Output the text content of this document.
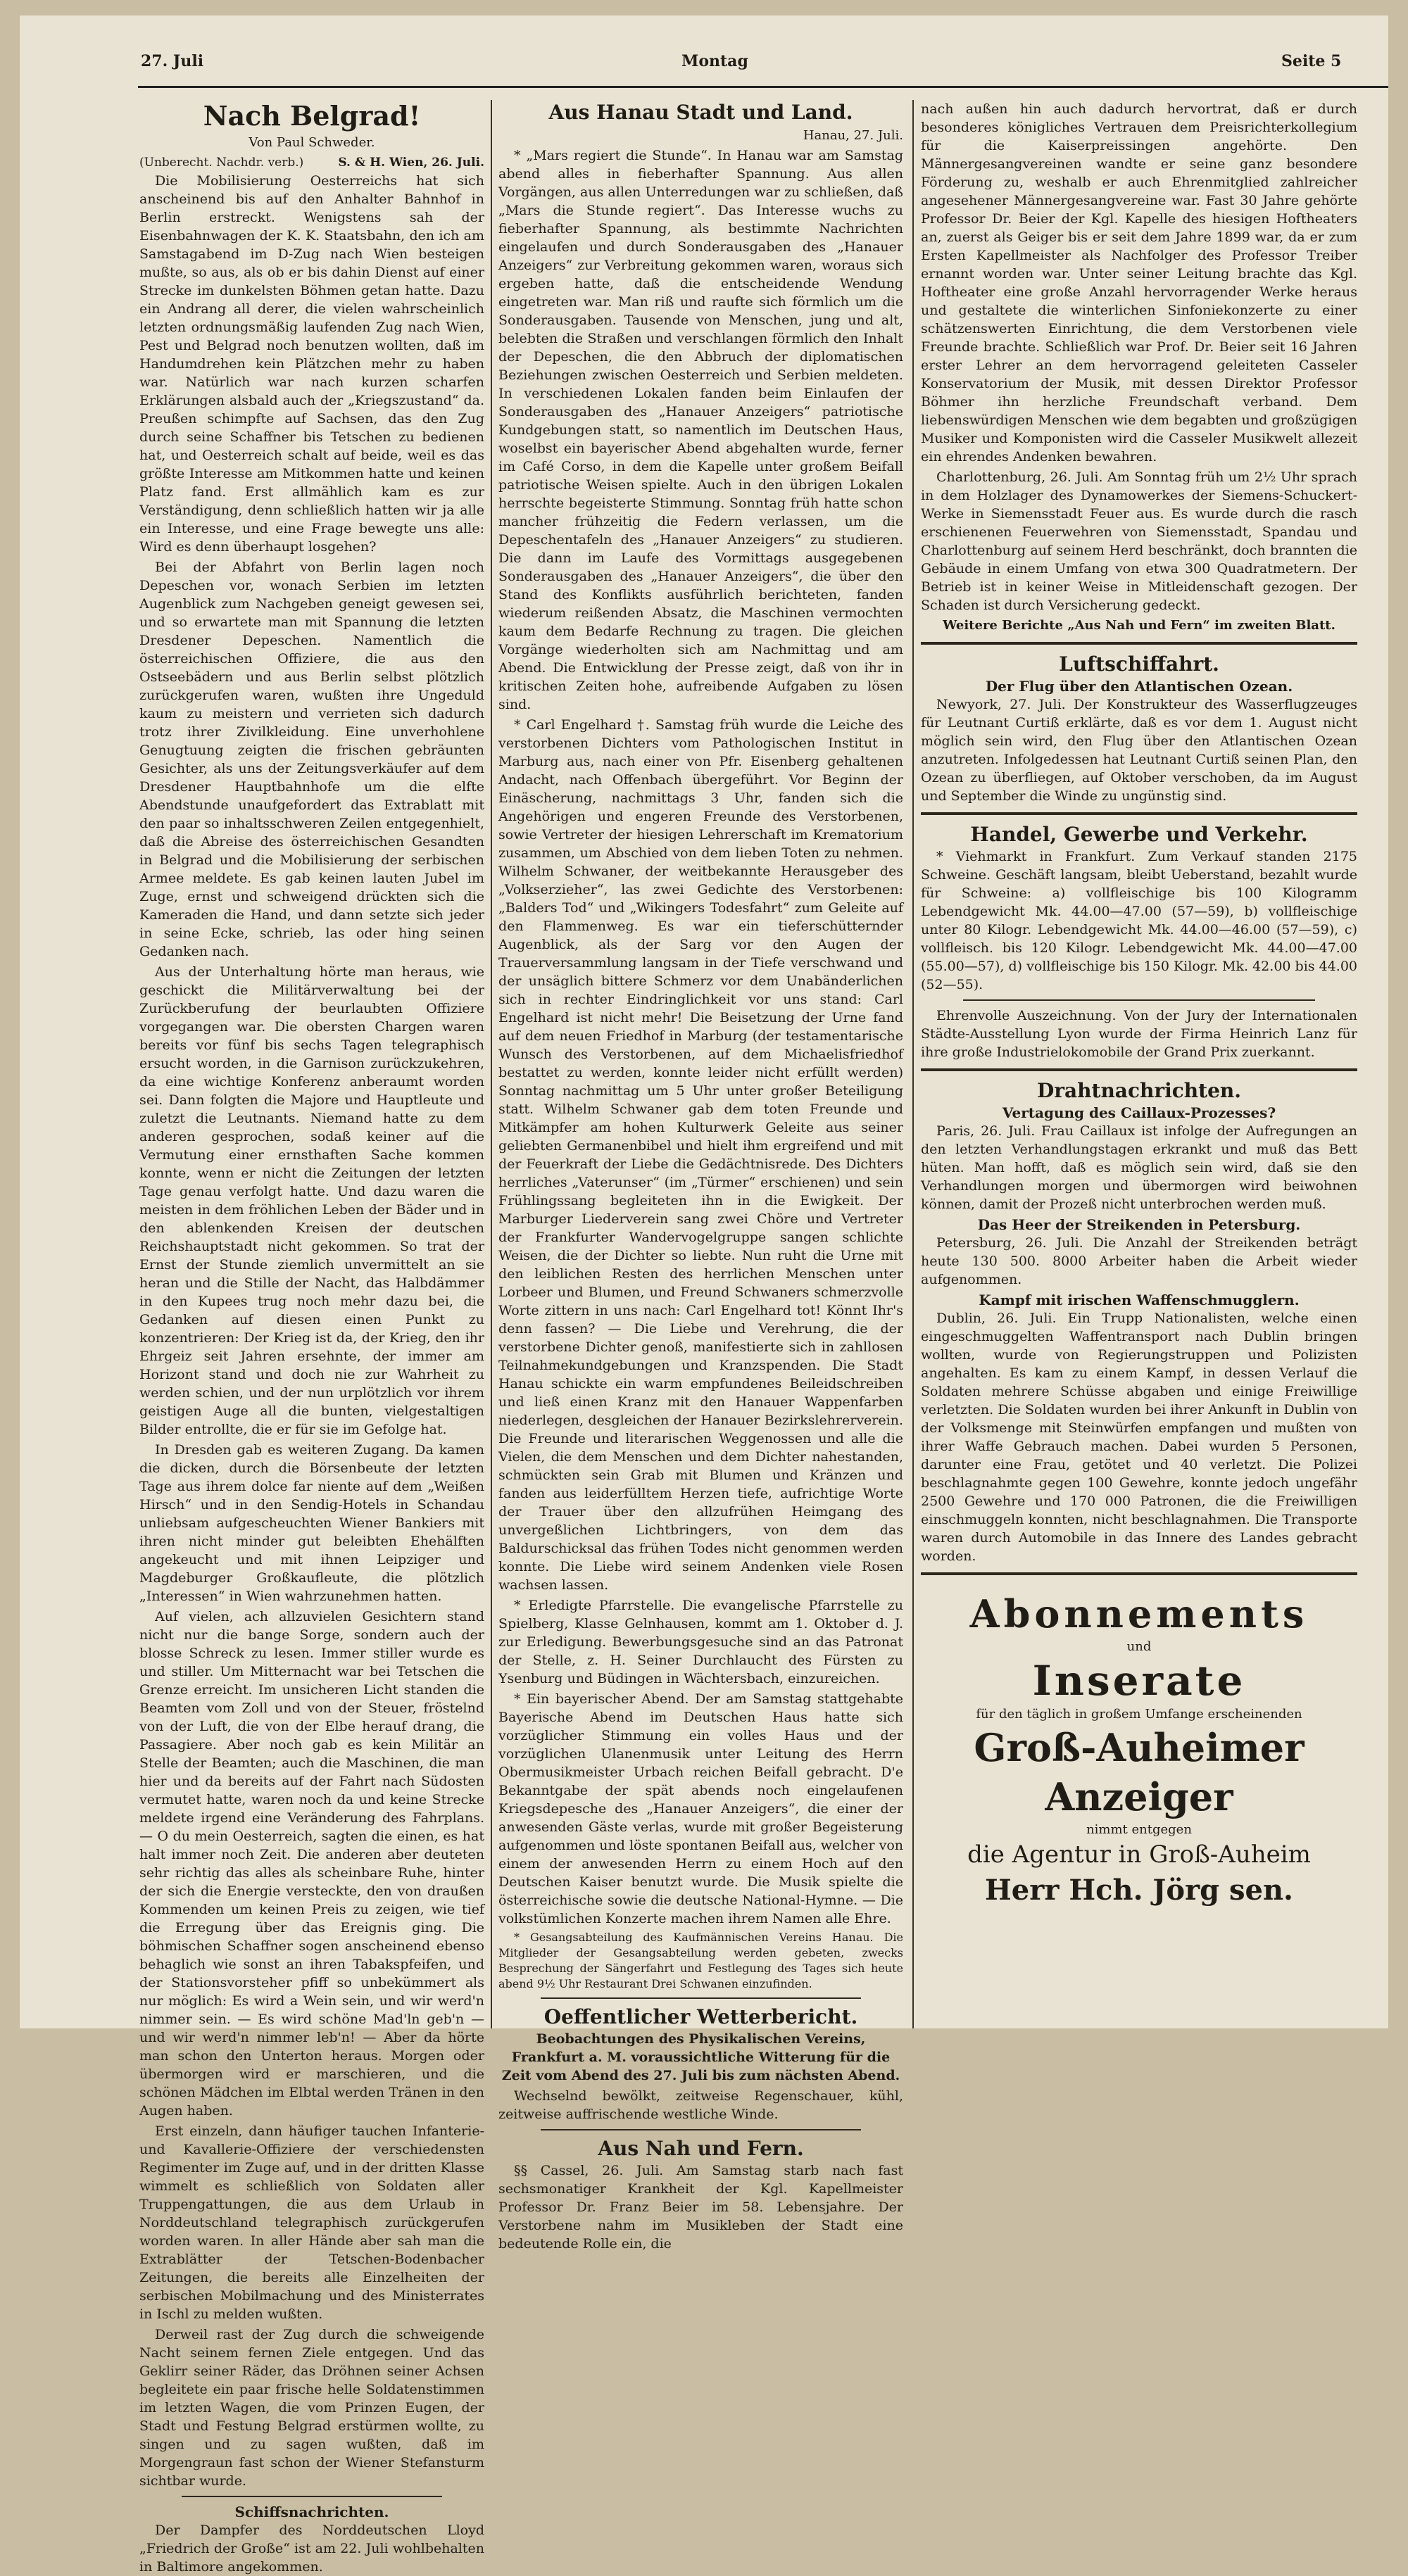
27. Juli	Montag	Seite 5
Nach Belgrad!
Von Paul Schweder.
(Unberecht. Nachdr. verb.)	S. & H. Wien, 26. Juli.

Die Mobilisierung Oesterreichs hat sich anscheinend bis auf den Anhalter Bahnhof in Berlin erstreckt. Wenigstens sah der Eisenbahnwagen der K. K. Staatsbahn, den ich am Samstagabend im D-Zug nach Wien besteigen mußte, so aus, als ob er bis dahin Dienst auf einer Strecke im dunkelsten Böhmen getan hatte. Dazu ein Andrang all derer, die vielen wahrscheinlich letzten ordnungsmäßig laufenden Zug nach Wien, Pest und Belgrad noch benutzen wollten, daß im Handumdrehen kein Plätzchen mehr zu haben war. Natürlich war nach kurzen scharfen Erklärungen alsbald auch der „Kriegszustand“ da. Preußen schimpfte auf Sachsen, das den Zug durch seine Schaffner bis Tetschen zu bedienen hat, und Oesterreich schalt auf beide, weil es das größte Interesse am Mitkommen hatte und keinen Platz fand. Erst allmählich kam es zur Verständigung, denn schließlich hatten wir ja alle ein Interesse, und eine Frage bewegte uns alle: Wird es denn überhaupt losgehen?

Bei der Abfahrt von Berlin lagen noch Depeschen vor, wonach Serbien im letzten Augenblick zum Nachgeben geneigt gewesen sei, und so erwartete man mit Spannung die letzten Dresdener Depeschen. Namentlich die österreichischen Offiziere, die aus den Ostseebädern und aus Berlin selbst plötzlich zurückgerufen waren, wußten ihre Ungeduld kaum zu meistern und verrieten sich dadurch trotz ihrer Zivilkleidung. Eine unverhohlene Genugtuung zeigten die frischen gebräunten Gesichter, als uns der Zeitungsverkäufer auf dem Dresdener Hauptbahnhofe um die elfte Abendstunde unaufgefordert das Extrablatt mit den paar so inhaltsschweren Zeilen entgegenhielt, daß die Abreise des österreichischen Gesandten in Belgrad und die Mobilisierung der serbischen Armee meldete. Es gab keinen lauten Jubel im Zuge, ernst und schweigend drückten sich die Kameraden die Hand, und dann setzte sich jeder in seine Ecke, schrieb, las oder hing seinen Gedanken nach.

Aus der Unterhaltung hörte man heraus, wie geschickt die Militärverwaltung bei der Zurückberufung der beurlaubten Offiziere vorgegangen war. Die obersten Chargen waren bereits vor fünf bis sechs Tagen telegraphisch ersucht worden, in die Garnison zurückzukehren, da eine wichtige Konferenz anberaumt worden sei. Dann folgten die Majore und Hauptleute und zuletzt die Leutnants. Niemand hatte zu dem anderen gesprochen, sodaß keiner auf die Vermutung einer ernsthaften Sache kommen konnte, wenn er nicht die Zeitungen der letzten Tage genau verfolgt hatte. Und dazu waren die meisten in dem fröhlichen Leben der Bäder und in den ablenkenden Kreisen der deutschen Reichshauptstadt nicht gekommen. So trat der Ernst der Stunde ziemlich unvermittelt an sie heran und die Stille der Nacht, das Halbdämmer in den Kupees trug noch mehr dazu bei, die Gedanken auf diesen einen Punkt zu konzentrieren: Der Krieg ist da, der Krieg, den ihr Ehrgeiz seit Jahren ersehnte, der immer am Horizont stand und doch nie zur Wahrheit zu werden schien, und der nun urplötzlich vor ihrem geistigen Auge all die bunten, vielgestaltigen Bilder entrollte, die er für sie im Gefolge hat.

In Dresden gab es weiteren Zugang. Da kamen die dicken, durch die Börsenbeute der letzten Tage aus ihrem dolce far niente auf dem „Weißen Hirsch“ und in den Sendig-Hotels in Schandau unliebsam aufgescheuchten Wiener Bankiers mit ihren nicht minder gut beleibten Ehehälften angekeucht und mit ihnen Leipziger und Magdeburger Großkaufleute, die plötzlich „Interessen“ in Wien wahrzunehmen hatten.

Auf vielen, ach allzuvielen Gesichtern stand nicht nur die bange Sorge, sondern auch der blosse Schreck zu lesen. Immer stiller wurde es und stiller. Um Mitternacht war bei Tetschen die Grenze erreicht. Im unsicheren Licht standen die Beamten vom Zoll und von der Steuer, fröstelnd von der Luft, die von der Elbe herauf drang, die Passagiere. Aber noch gab es kein Militär an Stelle der Beamten; auch die Maschinen, die man hier und da bereits auf der Fahrt nach Südosten vermutet hatte, waren noch da und keine Strecke meldete irgend eine Veränderung des Fahrplans. — O du mein Oesterreich, sagten die einen, es hat halt immer noch Zeit. Die anderen aber deuteten sehr richtig das alles als scheinbare Ruhe, hinter der sich die Energie versteckte, den von draußen Kommenden um keinen Preis zu zeigen, wie tief die Erregung über das Ereignis ging. Die böhmischen Schaffner sogen anscheinend ebenso behaglich wie sonst an ihren Tabakspfeifen, und der Stationsvorsteher pfiff so unbekümmert als nur möglich: Es wird a Wein sein, und wir werd'n nimmer sein. — Es wird schöne Mad'ln geb'n — und wir werd'n nimmer leb'n! — Aber da hörte man schon den Unterton heraus. Morgen oder übermorgen wird er marschieren, und die schönen Mädchen im Elbtal werden Tränen in den Augen haben.

Erst einzeln, dann häufiger tauchen Infanterie- und Kavallerie-Offiziere der verschiedensten Regimenter im Zuge auf, und in der dritten Klasse wimmelt es schließlich von Soldaten aller Truppengattungen, die aus dem Urlaub in Norddeutschland telegraphisch zurückgerufen worden waren. In aller Hände aber sah man die Extrablätter der Tetschen-Bodenbacher Zeitungen, die bereits alle Einzelheiten der serbischen Mobilmachung und des Ministerrates in Ischl zu melden wußten.

Derweil rast der Zug durch die schweigende Nacht seinem fernen Ziele entgegen. Und das Geklirr seiner Räder, das Dröhnen seiner Achsen begleitete ein paar frische helle Soldatenstimmen im letzten Wagen, die vom Prinzen Eugen, der Stadt und Festung Belgrad erstürmen wollte, zu singen und zu sagen wußten, daß im Morgengraun fast schon der Wiener Stefansturm sichtbar wurde.

Schiffsnachrichten.

Der Dampfer des Norddeutschen Lloyd „Friedrich der Große“ ist am 22. Juli wohlbehalten in Baltimore angekommen.

Aus Hanau Stadt und Land.
Hanau, 27. Juli.

* „Mars regiert die Stunde“. In Hanau war am Samstag abend alles in fieberhafter Spannung. Aus allen Vorgängen, aus allen Unterredungen war zu schließen, daß „Mars die Stunde regiert“. Das Interesse wuchs zu fieberhafter Spannung, als bestimmte Nachrichten eingelaufen und durch Sonderausgaben des „Hanauer Anzeigers“ zur Verbreitung gekommen waren, woraus sich ergeben hatte, daß die entscheidende Wendung eingetreten war. Man riß und raufte sich förmlich um die Sonderausgaben. Tausende von Menschen, jung und alt, belebten die Straßen und verschlangen förmlich den Inhalt der Depeschen, die den Abbruch der diplomatischen Beziehungen zwischen Oesterreich und Serbien meldeten. In verschiedenen Lokalen fanden beim Einlaufen der Sonderausgaben des „Hanauer Anzeigers“ patriotische Kundgebungen statt, so namentlich im Deutschen Haus, woselbst ein bayerischer Abend abgehalten wurde, ferner im Café Corso, in dem die Kapelle unter großem Beifall patriotische Weisen spielte. Auch in den übrigen Lokalen herrschte begeisterte Stimmung. Sonntag früh hatte schon mancher frühzeitig die Federn verlassen, um die Depeschentafeln des „Hanauer Anzeigers“ zu studieren. Die dann im Laufe des Vormittags ausgegebenen Sonderausgaben des „Hanauer Anzeigers“, die über den Stand des Konflikts ausführlich berichteten, fanden wiederum reißenden Absatz, die Maschinen vermochten kaum dem Bedarfe Rechnung zu tragen. Die gleichen Vorgänge wiederholten sich am Nachmittag und am Abend. Die Entwicklung der Presse zeigt, daß von ihr in kritischen Zeiten hohe, aufreibende Aufgaben zu lösen sind.

* Carl Engelhard †. Samstag früh wurde die Leiche des verstorbenen Dichters vom Pathologischen Institut in Marburg aus, nach einer von Pfr. Eisenberg gehaltenen Andacht, nach Offenbach übergeführt. Vor Beginn der Einäscherung, nachmittags 3 Uhr, fanden sich die Angehörigen und engeren Freunde des Verstorbenen, sowie Vertreter der hiesigen Lehrerschaft im Krematorium zusammen, um Abschied von dem lieben Toten zu nehmen. Wilhelm Schwaner, der weitbekannte Herausgeber des „Volkserzieher“, las zwei Gedichte des Verstorbenen: „Balders Tod“ und „Wikingers Todesfahrt“ zum Geleite auf den Flammenweg. Es war ein tieferschütternder Augenblick, als der Sarg vor den Augen der Trauerversammlung langsam in der Tiefe verschwand und der unsäglich bittere Schmerz vor dem Unabänderlichen sich in rechter Eindringlichkeit vor uns stand: Carl Engelhard ist nicht mehr! Die Beisetzung der Urne fand auf dem neuen Friedhof in Marburg (der testamentarische Wunsch des Verstorbenen, auf dem Michaelisfriedhof bestattet zu werden, konnte leider nicht erfüllt werden) Sonntag nachmittag um 5 Uhr unter großer Beteiligung statt. Wilhelm Schwaner gab dem toten Freunde und Mitkämpfer am hohen Kulturwerk Geleite aus seiner geliebten Germanenbibel und hielt ihm ergreifend und mit der Feuerkraft der Liebe die Gedächtnisrede. Des Dichters herrliches „Vaterunser“ (im „Türmer“ erschienen) und sein Frühlingssang begleiteten ihn in die Ewigkeit. Der Marburger Liederverein sang zwei Chöre und Vertreter der Frankfurter Wandervogelgruppe sangen schlichte Weisen, die der Dichter so liebte. Nun ruht die Urne mit den leiblichen Resten des herrlichen Menschen unter Lorbeer und Blumen, und Freund Schwaners schmerzvolle Worte zittern in uns nach: Carl Engelhard tot! Könnt Ihr's denn fassen? — Die Liebe und Verehrung, die der verstorbene Dichter genoß, manifestierte sich in zahllosen Teilnahmekundgebungen und Kranzspenden. Die Stadt Hanau schickte ein warm empfundenes Beileidschreiben und ließ einen Kranz mit den Hanauer Wappenfarben niederlegen, desgleichen der Hanauer Bezirkslehrerverein. Die Freunde und literarischen Weggenossen und alle die Vielen, die dem Menschen und dem Dichter nahestanden, schmückten sein Grab mit Blumen und Kränzen und fanden aus leiderfülltem Herzen tiefe, aufrichtige Worte der Trauer über den allzufrühen Heimgang des unvergeßlichen Lichtbringers, von dem das Baldurschicksal das frühen Todes nicht genommen werden konnte. Die Liebe wird seinem Andenken viele Rosen wachsen lassen.

* Erledigte Pfarrstelle. Die evangelische Pfarrstelle zu Spielberg, Klasse Gelnhausen, kommt am 1. Oktober d. J. zur Erledigung. Bewerbungsgesuche sind an das Patronat der Stelle, z. H. Seiner Durchlaucht des Fürsten zu Ysenburg und Büdingen in Wächtersbach, einzureichen.

* Ein bayerischer Abend. Der am Samstag stattgehabte Bayerische Abend im Deutschen Haus hatte sich vorzüglicher Stimmung ein volles Haus und der vorzüglichen Ulanenmusik unter Leitung des Herrn Obermusikmeister Urbach reichen Beifall gebracht. D'e Bekanntgabe der spät abends noch eingelaufenen Kriegsdepesche des „Hanauer Anzeigers“, die einer der anwesenden Gäste verlas, wurde mit großer Begeisterung aufgenommen und löste spontanen Beifall aus, welcher von einem der anwesenden Herrn zu einem Hoch auf den Deutschen Kaiser benutzt wurde. Die Musik spielte die österreichische sowie die deutsche National-Hymne. — Die volkstümlichen Konzerte machen ihrem Namen alle Ehre.

* Gesangsabteilung des Kaufmännischen Vereins Hanau. Die Mitglieder der Gesangsabteilung werden gebeten, zwecks Besprechung der Sängerfahrt und Festlegung des Tages sich heute abend 9½ Uhr Restaurant Drei Schwanen einzufinden.

Oeffentlicher Wetterbericht.

Beobachtungen des Physikalischen Vereins, Frankfurt a. M. voraussichtliche Witterung für die Zeit vom Abend des 27. Juli bis zum nächsten Abend.

Wechselnd bewölkt, zeitweise Regenschauer, kühl, zeitweise auffrischende westliche Winde.

Aus Nah und Fern.

§§ Cassel, 26. Juli. Am Samstag starb nach fast sechsmonatiger Krankheit der Kgl. Kapellmeister Professor Dr. Franz Beier im 58. Lebensjahre. Der Verstorbene nahm im Musikleben der Stadt eine bedeutende Rolle ein, die

nach außen hin auch dadurch hervortrat, daß er durch besonderes königliches Vertrauen dem Preisrichterkollegium für die Kaiserpreissingen angehörte. Den Männergesangvereinen wandte er seine ganz besondere Förderung zu, weshalb er auch Ehrenmitglied zahlreicher angesehener Männergesangvereine war. Fast 30 Jahre gehörte Professor Dr. Beier der Kgl. Kapelle des hiesigen Hoftheaters an, zuerst als Geiger bis er seit dem Jahre 1899 war, da er zum Ersten Kapellmeister als Nachfolger des Professor Treiber ernannt worden war. Unter seiner Leitung brachte das Kgl. Hoftheater eine große Anzahl hervorragender Werke heraus und gestaltete die winterlichen Sinfoniekonzerte zu einer schätzenswerten Einrichtung, die dem Verstorbenen viele Freunde brachte. Schließlich war Prof. Dr. Beier seit 16 Jahren erster Lehrer an dem hervorragend geleiteten Casseler Konservatorium der Musik, mit dessen Direktor Professor Böhmer ihn herzliche Freundschaft verband. Dem liebenswürdigen Menschen wie dem begabten und großzügigen Musiker und Komponisten wird die Casseler Musikwelt allezeit ein ehrendes Andenken bewahren.

Charlottenburg, 26. Juli. Am Sonntag früh um 2½ Uhr sprach in dem Holzlager des Dynamowerkes der Siemens-Schuckert-Werke in Siemensstadt Feuer aus. Es wurde durch die rasch erschienenen Feuerwehren von Siemensstadt, Spandau und Charlottenburg auf seinem Herd beschränkt, doch brannten die Gebäude in einem Umfang von etwa 300 Quadratmetern. Der Betrieb ist in keiner Weise in Mitleidenschaft gezogen. Der Schaden ist durch Versicherung gedeckt.

Weitere Berichte „Aus Nah und Fern“ im zweiten Blatt.
Luftschiffahrt.
Der Flug über den Atlantischen Ozean.

Newyork, 27. Juli. Der Konstrukteur des Wasserflugzeuges für Leutnant Curtiß erklärte, daß es vor dem 1. August nicht möglich sein wird, den Flug über den Atlantischen Ozean anzutreten. Infolgedessen hat Leutnant Curtiß seinen Plan, den Ozean zu überfliegen, auf Oktober verschoben, da im August und September die Winde zu ungünstig sind.

Handel, Gewerbe und Verkehr.

* Viehmarkt in Frankfurt. Zum Verkauf standen 2175 Schweine. Geschäft langsam, bleibt Ueberstand, bezahlt wurde für Schweine: a) vollfleischige bis 100 Kilogramm Lebendgewicht Mk. 44.00—47.00 (57—59), b) vollfleischige unter 80 Kilogr. Lebendgewicht Mk. 44.00—46.00 (57—59), c) vollfleisch. bis 120 Kilogr. Lebendgewicht Mk. 44.00—47.00 (55.00—57), d) vollfleischige bis 150 Kilogr. Mk. 42.00 bis 44.00 (52—55).

Ehrenvolle Auszeichnung. Von der Jury der Internationalen Städte-Ausstellung Lyon wurde der Firma Heinrich Lanz für ihre große Industrielokomobile der Grand Prix zuerkannt.

Drahtnachrichten.
Vertagung des Caillaux-Prozesses?

Paris, 26. Juli. Frau Caillaux ist infolge der Aufregungen an den letzten Verhandlungstagen erkrankt und muß das Bett hüten. Man hofft, daß es möglich sein wird, daß sie den Verhandlungen morgen und übermorgen wird beiwohnen können, damit der Prozeß nicht unterbrochen werden muß.

Das Heer der Streikenden in Petersburg.

Petersburg, 26. Juli. Die Anzahl der Streikenden beträgt heute 130 500. 8000 Arbeiter haben die Arbeit wieder aufgenommen.

Kampf mit irischen Waffenschmugglern.

Dublin, 26. Juli. Ein Trupp Nationalisten, welche einen eingeschmuggelten Waffentransport nach Dublin bringen wollten, wurde von Regierungstruppen und Polizisten angehalten. Es kam zu einem Kampf, in dessen Verlauf die Soldaten mehrere Schüsse abgaben und einige Freiwillige verletzten. Die Soldaten wurden bei ihrer Ankunft in Dublin von der Volksmenge mit Steinwürfen empfangen und mußten von ihrer Waffe Gebrauch machen. Dabei wurden 5 Personen, darunter eine Frau, getötet und 40 verletzt. Die Polizei beschlagnahmte gegen 100 Gewehre, konnte jedoch ungefähr 2500 Gewehre und 170 000 Patronen, die die Freiwilligen einschmuggeln konnten, nicht beschlagnahmen. Die Transporte waren durch Automobile in das Innere des Landes gebracht worden.

Abonnements
und
Inserate
für den täglich in großem Umfange erscheinenden
Groß-Auheimer Anzeiger
nimmt entgegen
die Agentur in Groß-Auheim
Herr Hch. Jörg sen.
